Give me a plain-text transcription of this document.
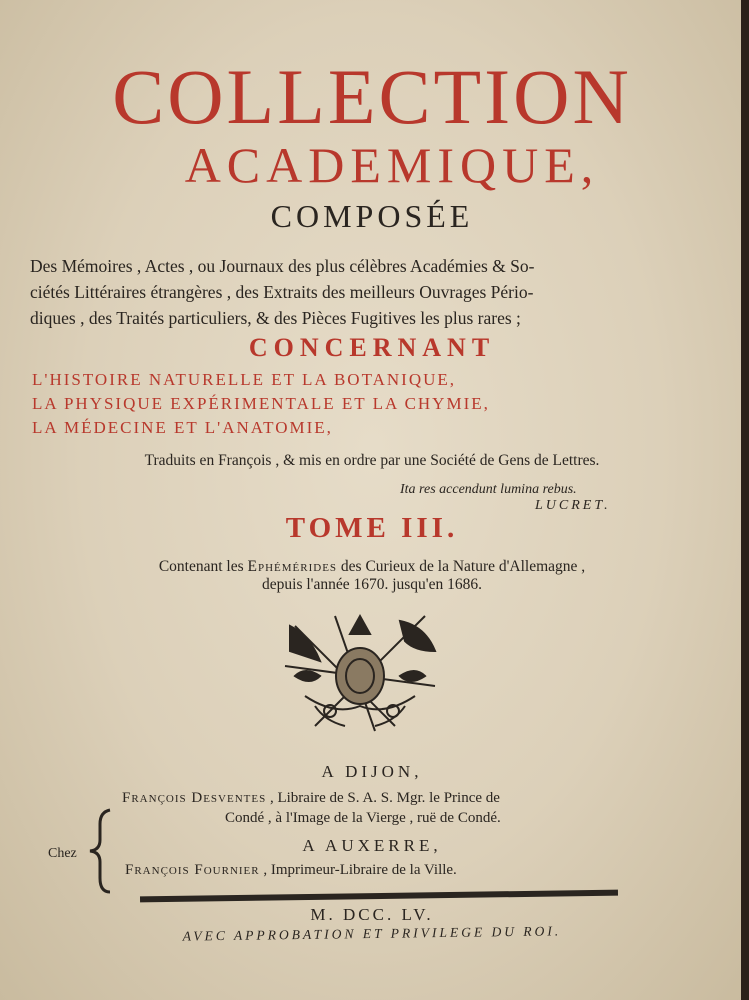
COLLECTION
ACADEMIQUE,
COMPOSÉE
Des Mémoires , Actes , ou Journaux des plus célèbres Académies & So-
ciétés Littéraires étrangères , des Extraits des meilleurs Ouvrages Pério-
diques , des Traités particuliers, & des Pièces Fugitives les plus rares ;
CONCERNANT
L'HISTOIRE NATURELLE ET LA BOTANIQUE,
LA PHYSIQUE EXPÉRIMENTALE ET LA CHYMIE,
LA MÉDECINE ET L'ANATOMIE,
Traduits en François , & mis en ordre par une Société de Gens de Lettres.
Ita res accendunt lumina rebus.
LUCRET.
TOME III.
Contenant les Ephémérides des Curieux de la Nature d'Allemagne ,
depuis l'année 1670. jusqu'en 1686.
A DIJON,
François Desventes , Libraire de S. A. S. Mgr. le Prince de
Condé , à l'Image de la Vierge , ruë de Condé.
A AUXERRE,
François Fournier , Imprimeur-Libraire de la Ville.
Chez
M. DCC. LV.
AVEC APPROBATION ET PRIVILEGE DU ROI.
